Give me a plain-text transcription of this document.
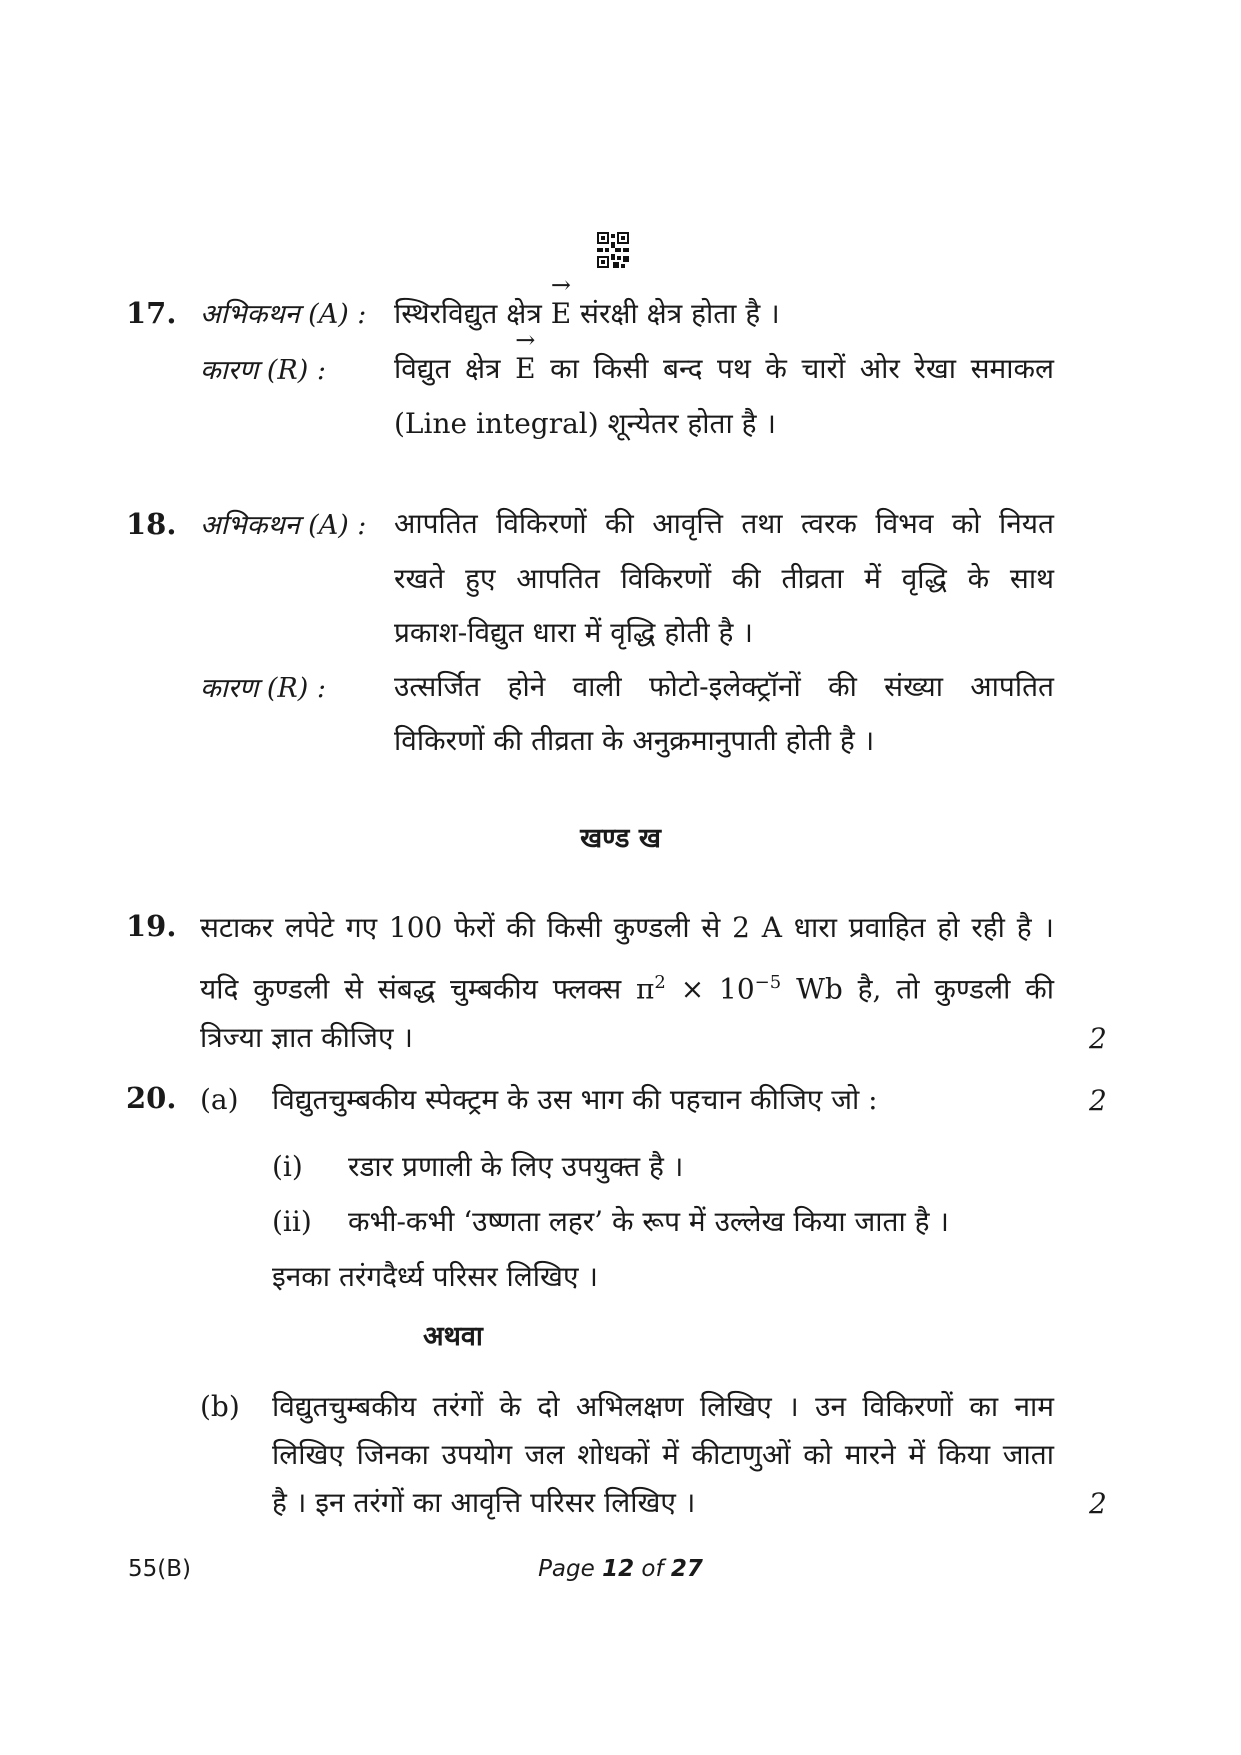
17. अभिकथन (A) : स्थिरविद्युत क्षेत्र → E संरक्षी क्षेत्र होता है ।
कारण (R) : विद्युत क्षेत्र → E का किसी बन्द पथ के चारों ओर रेखा समाकल
(Line integral) शून्येतर होता है ।
18. अभिकथन (A) : आपतित विकिरणों की आवृत्ति तथा त्वरक विभव को नियत
रखते हुए आपतित विकिरणों की तीव्रता में वृद्धि के साथ
प्रकाश-विद्युत धारा में वृद्धि होती है ।
कारण (R) : उत्सर्जित होने वाली फोटो-इलेक्ट्रॉनों की संख्या आपतित
विकिरणों की तीव्रता के अनुक्रमानुपाती होती है ।
खण्ड ख
19. सटाकर लपेटे गए 100 फेरों की किसी कुण्डली से 2 A धारा प्रवाहित हो रही है ।
यदि कुण्डली से संबद्ध चुम्बकीय फ्लक्स $\pi^2 \times 10^{-5}$ Wb है, तो कुण्डली की
त्रिज्या ज्ञात कीजिए ।	2
20. (a) विद्युतचुम्बकीय स्पेक्ट्रम के उस भाग की पहचान कीजिए जो :	2
(i) रडार प्रणाली के लिए उपयुक्त है ।
(ii) कभी-कभी ‘उष्णता लहर’ के रूप में उल्लेख किया जाता है ।
इनका तरंगदैर्ध्य परिसर लिखिए ।
अथवा
(b) विद्युतचुम्बकीय तरंगों के दो अभिलक्षण लिखिए । उन विकिरणों का नाम
लिखिए जिनका उपयोग जल शोधकों में कीटाणुओं को मारने में किया जाता
है । इन तरंगों का आवृत्ति परिसर लिखिए ।	2
55(B)	Page 12 of 27
